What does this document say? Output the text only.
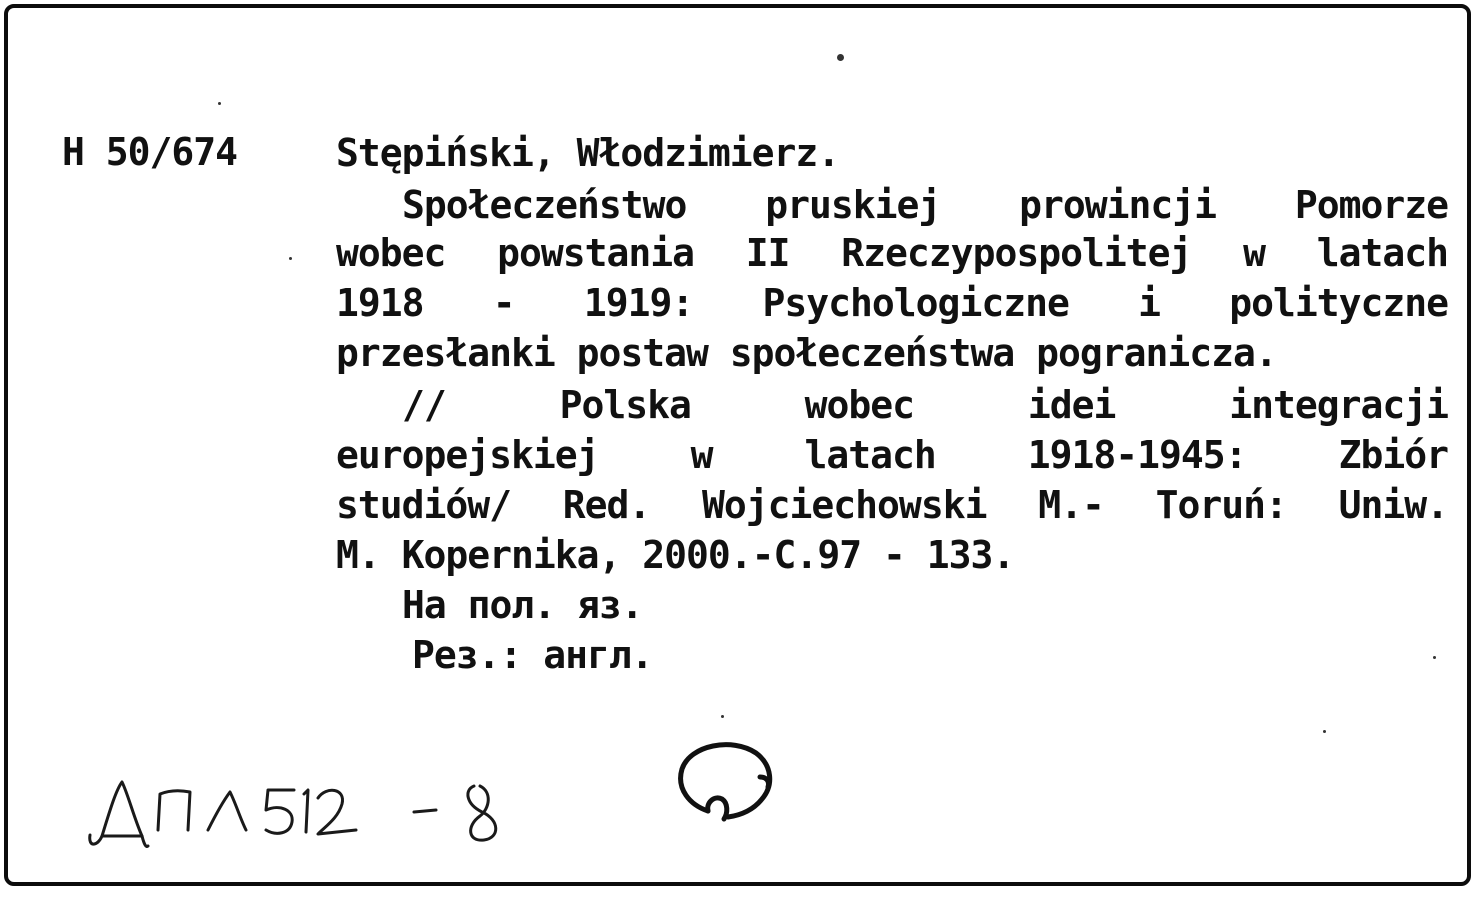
H 50/674	Stępiński, Włodzimierz.
Społeczeństwo pruskiej prowincji Pomorze
wobec powstania II Rzeczypospolitej w latach
1918 - 1919: Psychologiczne i polityczne
przesłanki postaw społeczeństwa pogranicza.
// Polska wobec idei integracji
europejskiej w latach 1918-1945: Zbiór
studiów/ Red. Wojciechowski M.- Toruń: Uniw.
M. Kopernika, 2000.-С.97 - 133.
На пол. яз.
Рез.: англ.
